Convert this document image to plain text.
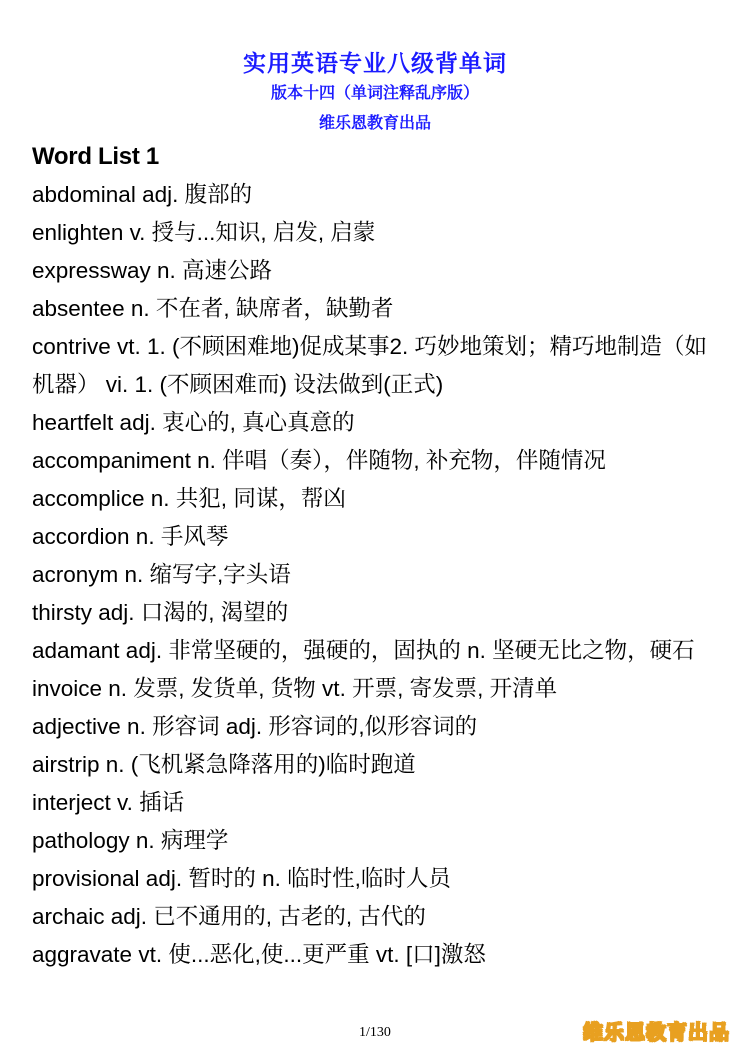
实用英语专业八级背单词
版本十四（单词注释乱序版）
维乐恩教育出品
Word List 1
abdominal adj. 腹部的
enlighten v. 授与...知识, 启发, 启蒙
expressway n. 高速公路
absentee n. 不在者, 缺席者，缺勤者
contrive vt. 1. (不顾困难地)促成某事2. 巧妙地策划；精巧地制造（如机器） vi. 1. (不顾困难而) 设法做到(正式)
heartfelt adj. 衷心的, 真心真意的
accompaniment n. 伴唱（奏），伴随物, 补充物，伴随情况
accomplice n. 共犯, 同谋，帮凶
accordion n. 手风琴
acronym n. 缩写字,字头语
thirsty adj. 口渴的, 渴望的
adamant adj. 非常坚硬的，强硬的，固执的 n. 坚硬无比之物，硬石
invoice n. 发票, 发货单, 货物 vt. 开票, 寄发票, 开清单
adjective n. 形容词 adj. 形容词的,似形容词的
airstrip n. (飞机紧急降落用的)临时跑道
interject v. 插话
pathology n. 病理学
provisional adj. 暂时的 n. 临时性,临时人员
archaic adj. 已不通用的, 古老的, 古代的
aggravate vt. 使...恶化,使...更严重 vt. [口]激怒
1/130	维乐恩教育出品
